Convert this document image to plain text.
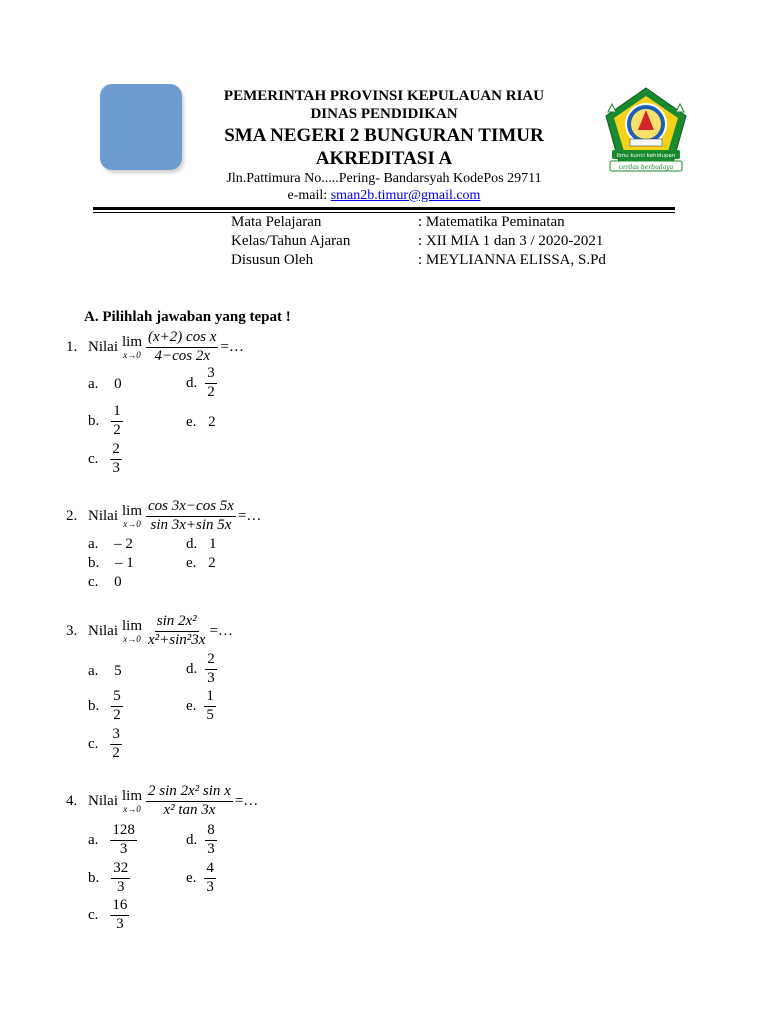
Ilmu kunci kehidupan
cerdas berbudaya
PEMERINTAH PROVINSI KEPULAUAN RIAU
DINAS PENDIDIKAN
SMA NEGERI 2 BUNGURAN TIMUR
AKREDITASI A
Jln.Pattimura No.....Pering- Bandarsyah KodePos 29711
e-mail: sman2b.timur@gmail.com
Mata Pelajaran	: Matematika Peminatan
Kelas/Tahun Ajaran	: XII MIA 1 dan 3 / 2020-2021
Disusun Oleh	: MEYLIANNA ELISSA, S.Pd
A. Pilihlah jawaban yang tepat !
1. Nilai lim
$x\to 0 \frac{\text{(x+2) cos x}}{4-\cos 2x}$ =…
a. 0	d. $\frac{3}{2}$
b. $\frac{1}{2}$	e. 2
c. $\frac{2}{3}$
2. Nilai lim
$x\to 0 \frac{\cos 3x-\cos 5x}{\sin 3x+\sin 5x}$ =…
a. – 2	d. 1
b. – 1	e. 2
c. 0
3. Nilai lim
$x\to 0 \frac{\text{sin 2x²}}{\text{x²+sin²3x}}$ =…
a. 5	d. $\frac{2}{3}$
b. $\frac{5}{2}$	e. $\frac{1}{5}$
c. $\frac{3}{2}$
4. Nilai lim
$x\to 0 \frac{\text{2 sin 2x² sin x}}{\text{x² tan 3x}}$ =…
a. $\frac{128}{3}$	d. $\frac{8}{3}$
b. $\frac{32}{3}$	e. $\frac{4}{3}$
c. $\frac{16}{3}$
